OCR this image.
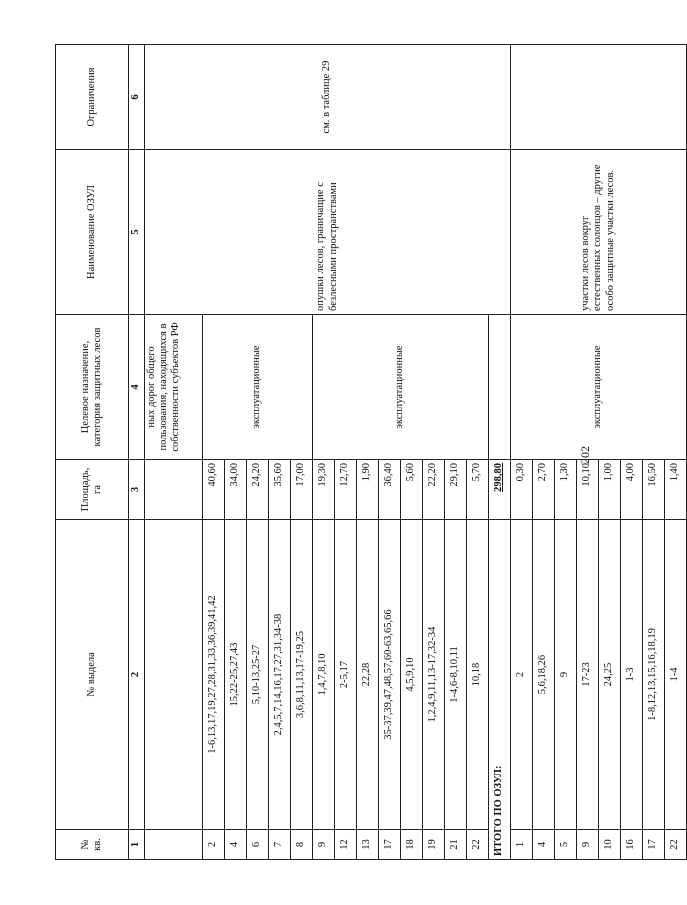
202
№ кв.	№ выдела	Площадь, га	Целевое назначение, категория защитных лесов	Наименование ОЗУЛ	Ограничения
1	2	3	4	5	6
			ных дорог общего пользования, находящихся в собственности субъектов РФ	опушки лесов, граничащие с безлесными пространствами	см. в таблице 29
2	1-6,13,17,19,27,28,31,33,36,39,41,42	40,60	эксплуатационные		
4	15,22-25,27,43	34,00			
6	5,10-13,25-27	24,20			
7	2,4,5,7,14,16,17,27,31,34-38	35,60			
8	3,6,8,11,13,17-19,25	17,00			
9	1,4,7,8,10	19,30	эксплуатационные		
12	2-5,17	12,70			
13	22,28	1,90			
17	35-37,39,47,48,57,60-63,65,66	36,40			
18	4,5,9,10	5,60			
19	1,2,4,9,11,13-17,32-34	22,20			
21	1-4,6-8,10,11	29,10			
22	10,18	5,70			
ИТОГО ПО ОЗУЛ:		298,80			
1	2	0,30	эксплуатационные	участки лесов вокруг естественных солонцов – другие особо защитные участки лесов.	
4	5,6,18,26	2,70			
5	9	1,30			
9	17-23	10,10			
10	24,25	1,00			
16	1-3	4,00			
17	1-8,12,13,15,16,18,19	16,50			
22	1-4	1,40			
